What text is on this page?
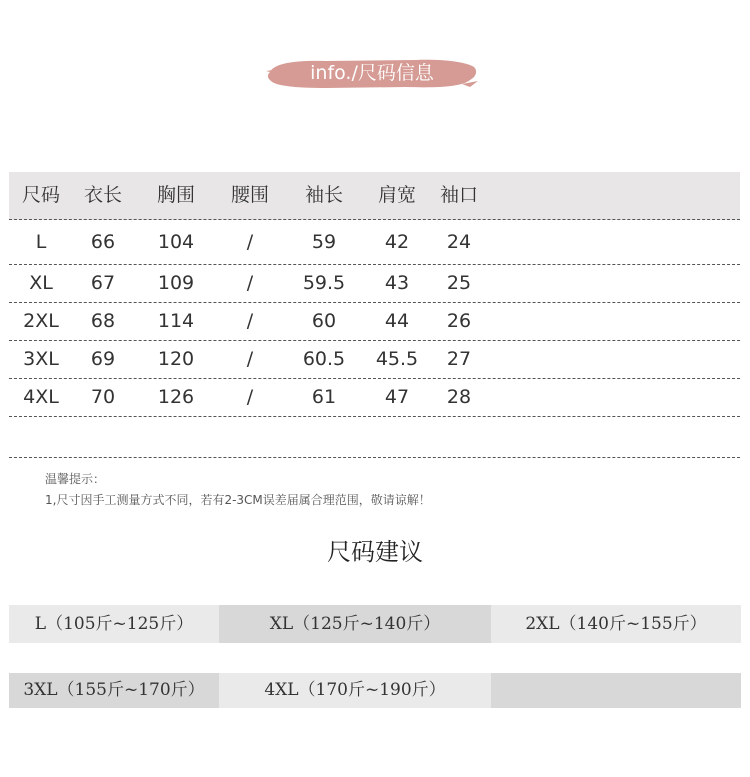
info./尺码信息
尺码	衣长	胸围	腰围	袖长	肩宽	袖口
L	66	104	/	59	42	24
XL	67	109	/	59.5	43	25
2XL	68	114	/	60	44	26
3XL	69	120	/	60.5	45.5	27
4XL	70	126	/	61	47	28
温馨提示：
1,尺寸因手工测量方式不同，若有2-3CM误差届属合理范围，敬请谅解！
尺码建议
L（105斤~125斤）	XL（125斤~140斤）	2XL（140斤~155斤）
3XL（155斤~170斤）	4XL（170斤~190斤）
